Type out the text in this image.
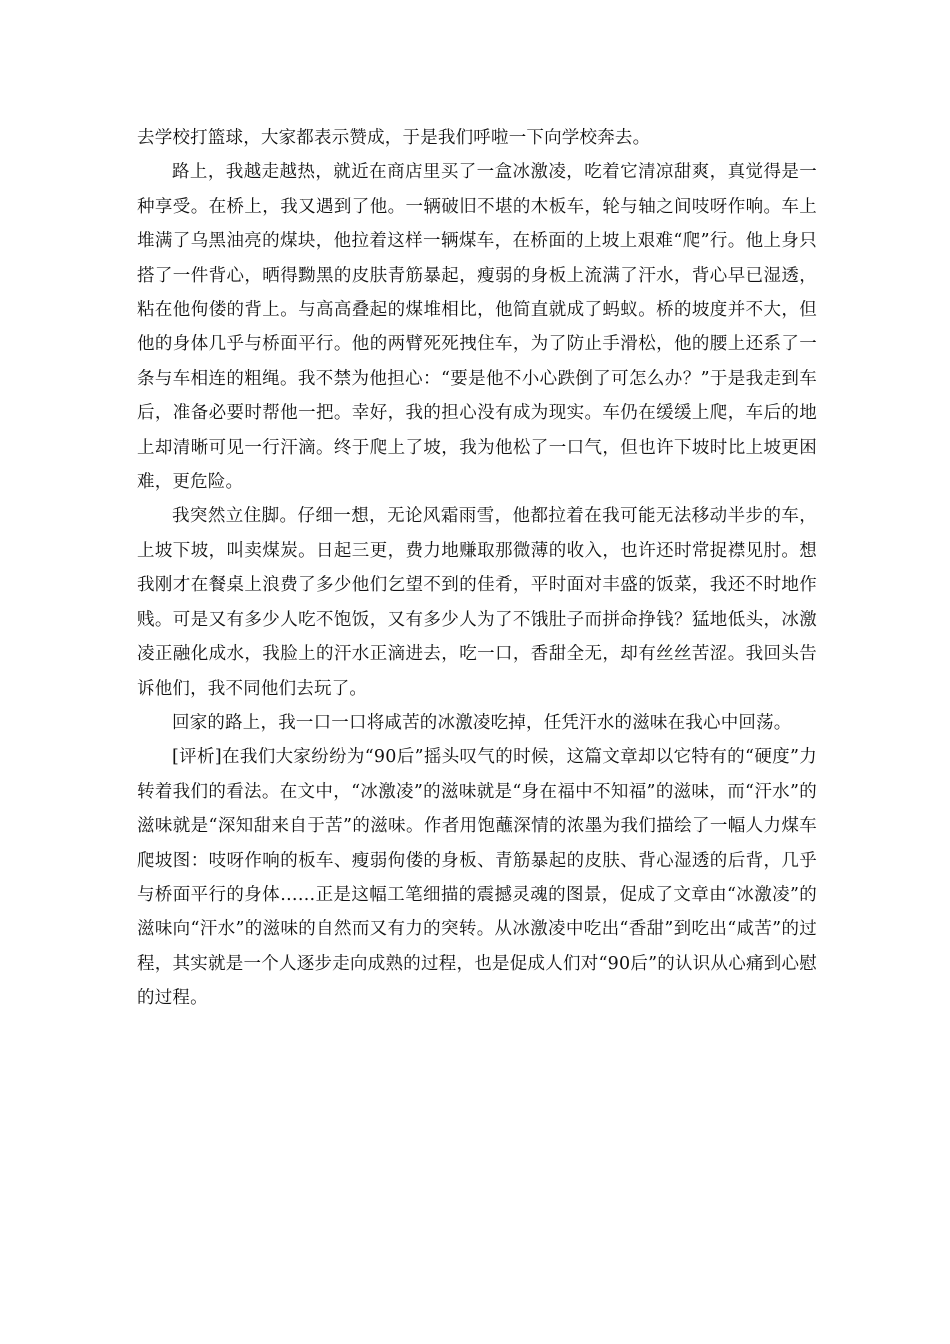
去学校打篮球，大家都表示赞成，于是我们呼啦一下向学校奔去。

路上，我越走越热，就近在商店里买了一盒冰激凌，吃着它清凉甜爽，真觉得是一种享受。在桥上，我又遇到了他。一辆破旧不堪的木板车，轮与轴之间吱呀作响。车上堆满了乌黑油亮的煤块，他拉着这样一辆煤车，在桥面的上坡上艰难“爬”行。他上身只搭了一件背心，晒得黝黑的皮肤青筋暴起，瘦弱的身板上流满了汗水，背心早已湿透，粘在他佝偻的背上。与高高叠起的煤堆相比，他简直就成了蚂蚁。桥的坡度并不大，但他的身体几乎与桥面平行。他的两臂死死拽住车，为了防止手滑松，他的腰上还系了一条与车相连的粗绳。我不禁为他担心：“要是他不小心跌倒了可怎么办？”于是我走到车后，准备必要时帮他一把。幸好，我的担心没有成为现实。车仍在缓缓上爬，车后的地上却清晰可见一行汗滴。终于爬上了坡，我为他松了一口气，但也许下坡时比上坡更困难，更危险。

我突然立住脚。仔细一想，无论风霜雨雪，他都拉着在我可能无法移动半步的车，上坡下坡，叫卖煤炭。日起三更，费力地赚取那微薄的收入，也许还时常捉襟见肘。想我刚才在餐桌上浪费了多少他们乞望不到的佳肴，平时面对丰盛的饭菜，我还不时地作贱。可是又有多少人吃不饱饭，又有多少人为了不饿肚子而拼命挣钱？猛地低头，冰激凌正融化成水，我脸上的汗水正滴进去，吃一口，香甜全无，却有丝丝苦涩。我回头告诉他们，我不同他们去玩了。

回家的路上，我一口一口将咸苦的冰激凌吃掉，任凭汗水的滋味在我心中回荡。

[评析]在我们大家纷纷为“90后”摇头叹气的时候，这篇文章却以它特有的“硬度”力转着我们的看法。在文中，“冰激凌”的滋味就是“身在福中不知福”的滋味，而“汗水”的滋味就是“深知甜来自于苦”的滋味。作者用饱蘸深情的浓墨为我们描绘了一幅人力煤车爬坡图：吱呀作响的板车、瘦弱佝偻的身板、青筋暴起的皮肤、背心湿透的后背，几乎与桥面平行的身体……正是这幅工笔细描的震撼灵魂的图景，促成了文章由“冰激凌”的滋味向“汗水”的滋味的自然而又有力的突转。从冰激凌中吃出“香甜”到吃出“咸苦”的过程，其实就是一个人逐步走向成熟的过程，也是促成人们对“90后”的认识从心痛到心慰的过程。
